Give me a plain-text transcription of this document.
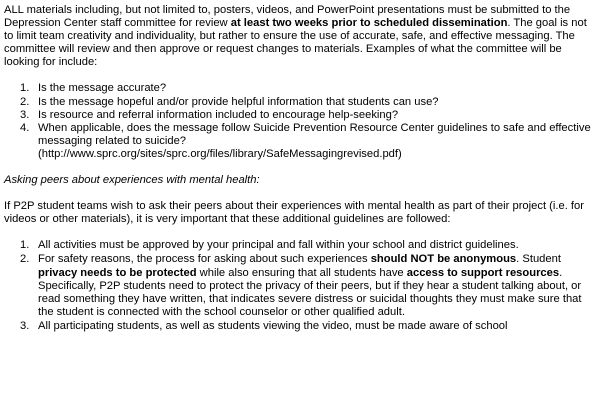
ALL materials including, but not limited to, posters, videos, and PowerPoint presentations must be submitted to the Depression Center staff committee for review at least two weeks prior to scheduled dissemination. The goal is not to limit team creativity and individuality, but rather to ensure the use of accurate, safe, and effective messaging. The committee will review and then approve or request changes to materials. Examples of what the committee will be looking for include:

1. Is the message accurate?
2. Is the message hopeful and/or provide helpful information that students can use?
3. Is resource and referral information included to encourage help-seeking?
4. When applicable, does the message follow Suicide Prevention Resource Center guidelines to safe and effective messaging related to suicide?
(http://www.sprc.org/sites/sprc.org/files/library/SafeMessagingrevised.pdf)

Asking peers about experiences with mental health:

If P2P student teams wish to ask their peers about their experiences with mental health as part of their project (i.e. for videos or other materials), it is very important that these additional guidelines are followed:

1. All activities must be approved by your principal and fall within your school and district guidelines.
2. For safety reasons, the process for asking about such experiences should NOT be anonymous. Student privacy needs to be protected while also ensuring that all students have access to support resources. Specifically, P2P students need to protect the privacy of their peers, but if they hear a student talking about, or read something they have written, that indicates severe distress or suicidal thoughts they must make sure that the student is connected with the school counselor or other qualified adult.
3. All participating students, as well as students viewing the video, must be made aware of school
